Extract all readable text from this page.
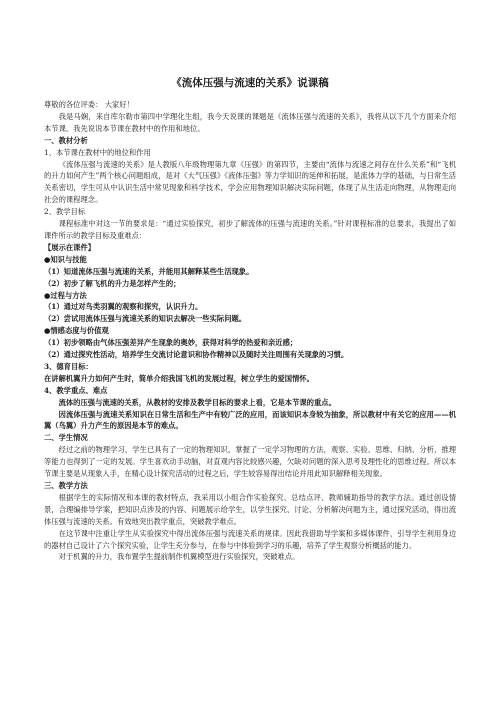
《流体压强与流速的关系》说课稿

尊敬的各位评委： 大家好！

我是马娴，来自库尔勒市第四中学理化生组，我今天说课的课题是《流体压强与流速的关系》，我将从以下几个方面来介绍本节课。我先说说本节课在教材中的作用和地位。

一、教材分析

1、本节课在教材中的地位和作用

《流体压强与流速的关系》是人教版八年级物理第九章《压强》的第四节，主要由“流体与流速之间存在什么关系”和“飞机的升力如何产生”两个核心问题组成，是对《大气压强》《液体压强》等力学知识的延伸和拓展，是流体力学的基础，与日常生活关系密切，学生可从中认识生活中常见现象和科学技术，学会应用物理知识解决实际问题，体现了从生活走向物理，从物理走向社会的课程理念。

2、教学目标

课程标准中对这一节的要求是：“通过实验探究，初步了解流体的压强与流速的关系。”针对课程标准的总要求，我提出了如课件所示的教学目标及重难点：

【展示在课件】

●知识与技能

（1）知道流体压强与流速的关系，并能用其解释某些生活现象。

（2）初步了解飞机的升力是怎样产生的；

●过程与方法

（1）通过对鸟类羽翼的观察和探究，认识升力。

（2）尝试用流体压强与流速关系的知识去解决一些实际问题。

●情感态度与价值观

（1）初步领略由气体压强差异产生现象的奥妙，获得对科学的热爱和亲近感；

（2）通过探究性活动，培养学生交流讨论意识和协作精神以及随时关注周围有关现象的习惯。

3、德育目标：

在讲解机翼升力如何产生时，简单介绍我国飞机的发展过程，树立学生的爱国情怀。

4、教学重点、难点

流体的压强与流速的关系，从教材的安排及教学目标的要求上看，它是本节课的重点。

因流体压强与流速关系知识在日常生活和生产中有较广泛的应用，而该知识本身较为抽象，所以教材中有关它的应用——机翼（鸟翼）升力产生的原因是本节的难点。

二、学生情况

经过之前的物理学习，学生已具有了一定的物理知识，掌握了一定学习物理的方法，观察、实验、思维、归纳、分析、推理等能力也得到了一定的发展。学生喜欢动手动脑，对直观内容比较感兴趣，欠缺对问题的深入思考及理性化的思维过程。所以本节课主要是从现象入手，在精心设计探究活动的过程之后，学生较容易得出结论并用此知识解释相关现象。

三、教学方法

根据学生的实际情况和本课的教材特点，我采用以小组合作实验探究、总结点评、教师辅助指导的教学方法。通过创设情景，合理编排导学案，把知识点涉及的内容、问题展示给学生，以学生探究、讨论、分析解决问题为主，通过探究活动，得出流体压强与流速的关系。有效地突出教学重点，突破教学难点。

在这节课中注重让学生从实验探究中得出流体压强与流速关系的规律。因此我借助导学案和多媒体课件，引导学生利用身边的器材自己设计了六个探究实验，让学生充分参与，在参与中体验到学习的乐趣，培养了学生观察分析概括的能力。

对于机翼的升力，我布置学生提前制作机翼模型进行实验探究，突破难点。
